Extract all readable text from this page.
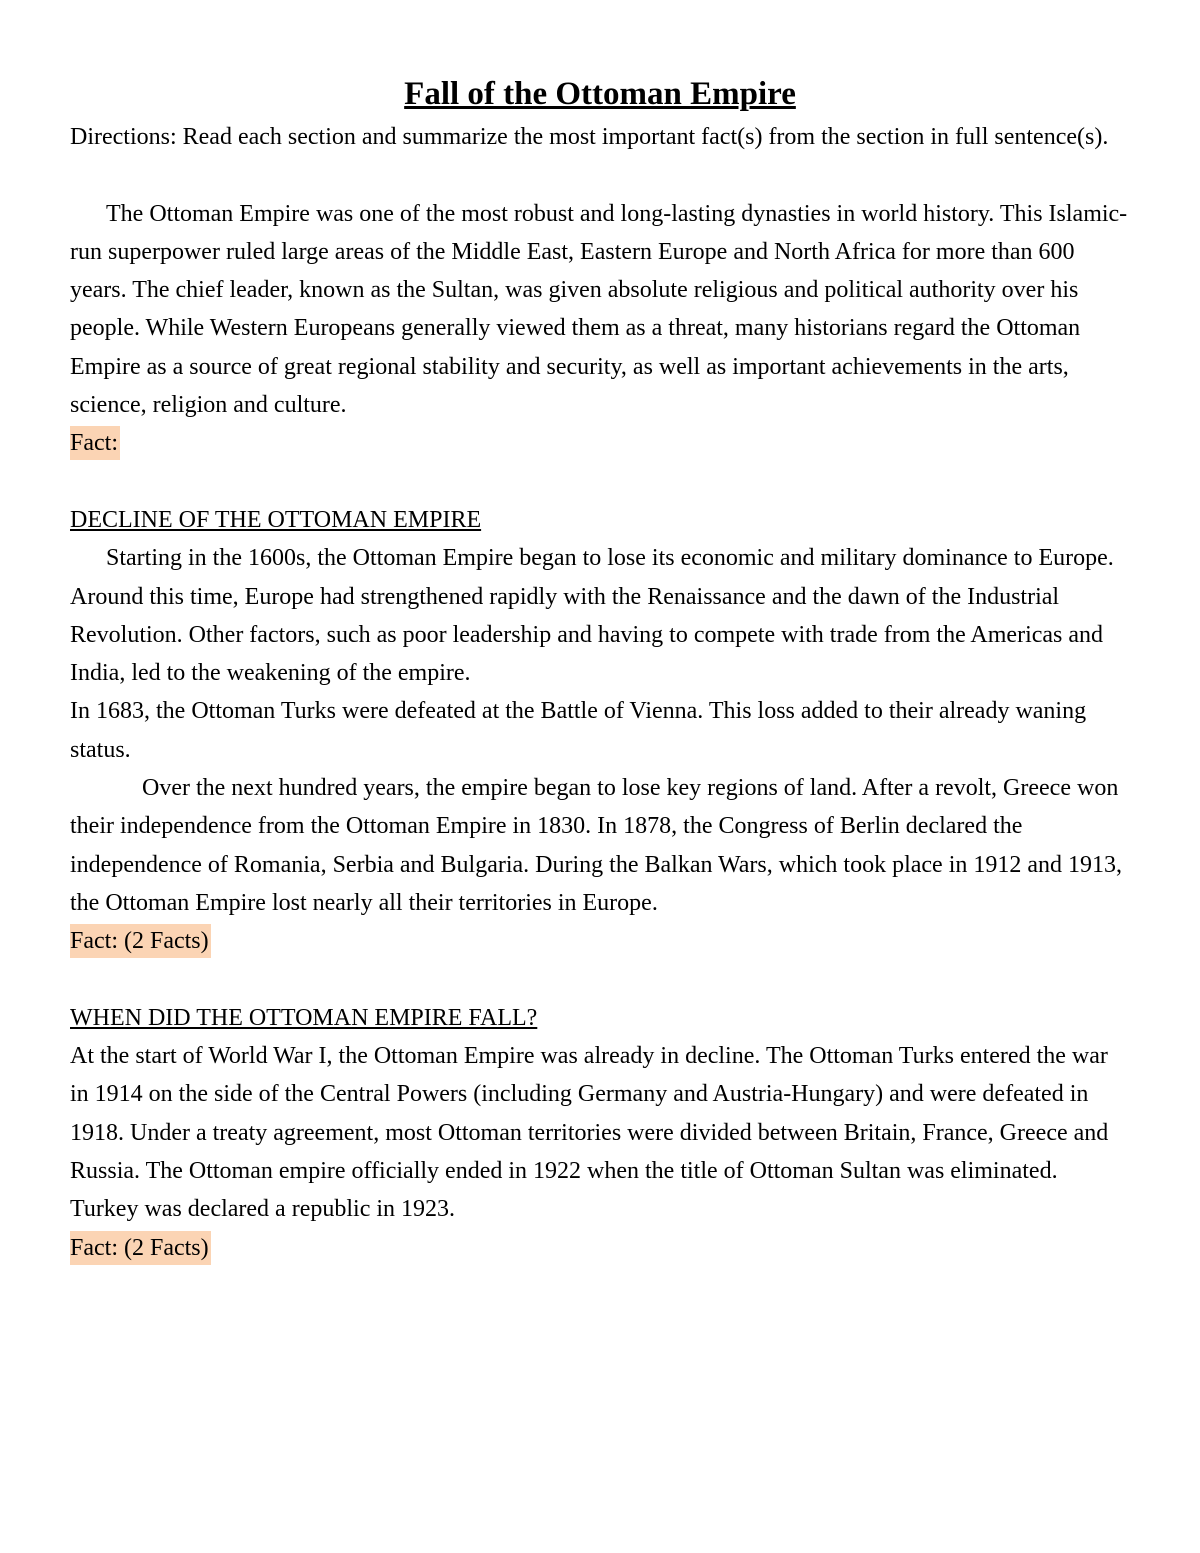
Fall of the Ottoman Empire

Directions: Read each section and summarize the most important fact(s) from the section in full sentence(s).

The Ottoman Empire was one of the most robust and long-lasting dynasties in world history. This Islamic-run superpower ruled large areas of the Middle East, Eastern Europe and North Africa for more than 600 years. The chief leader, known as the Sultan, was given absolute religious and political authority over his people. While Western Europeans generally viewed them as a threat, many historians regard the Ottoman Empire as a source of great regional stability and security, as well as important achievements in the arts, science, religion and culture.

Fact:

DECLINE OF THE OTTOMAN EMPIRE

Starting in the 1600s, the Ottoman Empire began to lose its economic and military dominance to Europe. Around this time, Europe had strengthened rapidly with the Renaissance and the dawn of the Industrial Revolution. Other factors, such as poor leadership and having to compete with trade from the Americas and India, led to the weakening of the empire.

In 1683, the Ottoman Turks were defeated at the Battle of Vienna. This loss added to their already waning status.

Over the next hundred years, the empire began to lose key regions of land. After a revolt, Greece won their independence from the Ottoman Empire in 1830. In 1878, the Congress of Berlin declared the independence of Romania, Serbia and Bulgaria. During the Balkan Wars, which took place in 1912 and 1913, the Ottoman Empire lost nearly all their territories in Europe.

Fact: (2 Facts)

WHEN DID THE OTTOMAN EMPIRE FALL?

At the start of World War I, the Ottoman Empire was already in decline. The Ottoman Turks entered the war in 1914 on the side of the Central Powers (including Germany and Austria-Hungary) and were defeated in 1918. Under a treaty agreement, most Ottoman territories were divided between Britain, France, Greece and Russia. The Ottoman empire officially ended in 1922 when the title of Ottoman Sultan was eliminated. Turkey was declared a republic in 1923.

Fact: (2 Facts)
